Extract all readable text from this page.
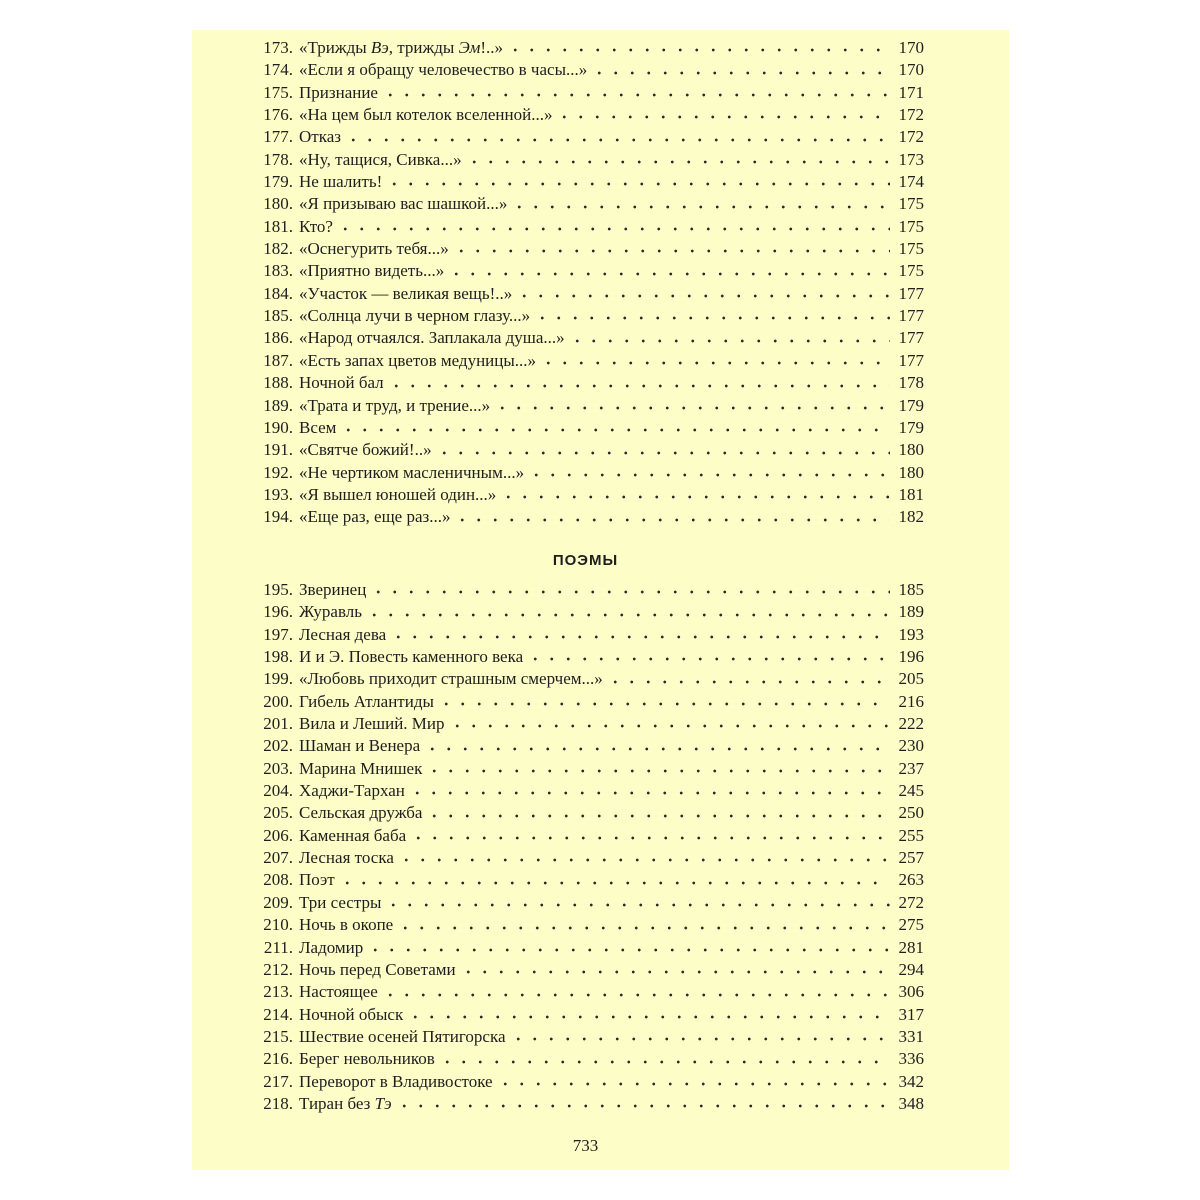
173. «Трижды Вэ, трижды Эм!..»	170
174. «Если я обращу человечество в часы...»	170
175. Признание	171
176. «На цем был котелок вселенной...»	172
177. Отказ	172
178. «Ну, тащися, Сивка...»	173
179. Не шалить!	174
180. «Я призываю вас шашкой...»	175
181. Кто?	175
182. «Оснегурить тебя...»	175
183. «Приятно видеть...»	175
184. «Участок — великая вещь!..»	177
185. «Солнца лучи в черном глазу...»	177
186. «Народ отчаялся. Заплакала душа...»	177
187. «Есть запах цветов медуницы...»	177
188. Ночной бал	178
189. «Трата и труд, и трение...»	179
190. Всем	179
191. «Святче божий!..»	180
192. «Не чертиком масленичным...»	180
193. «Я вышел юношей один...»	181
194. «Еще раз, еще раз...»	182
ПОЭМЫ
195. Зверинец	185
196. Журавль	189
197. Лесная дева	193
198. И и Э. Повесть каменного века	196
199. «Любовь приходит страшным смерчем...»	205
200. Гибель Атлантиды	216
201. Вила и Леший. Мир	222
202. Шаман и Венера	230
203. Марина Мнишек	237
204. Хаджи-Тархан	245
205. Сельская дружба	250
206. Каменная баба	255
207. Лесная тоска	257
208. Поэт	263
209. Три сестры	272
210. Ночь в окопе	275
211. Ладомир	281
212. Ночь перед Советами	294
213. Настоящее	306
214. Ночной обыск	317
215. Шествие осеней Пятигорска	331
216. Берег невольников	336
217. Переворот в Владивостоке	342
218. Тиран без Тэ	348
733
